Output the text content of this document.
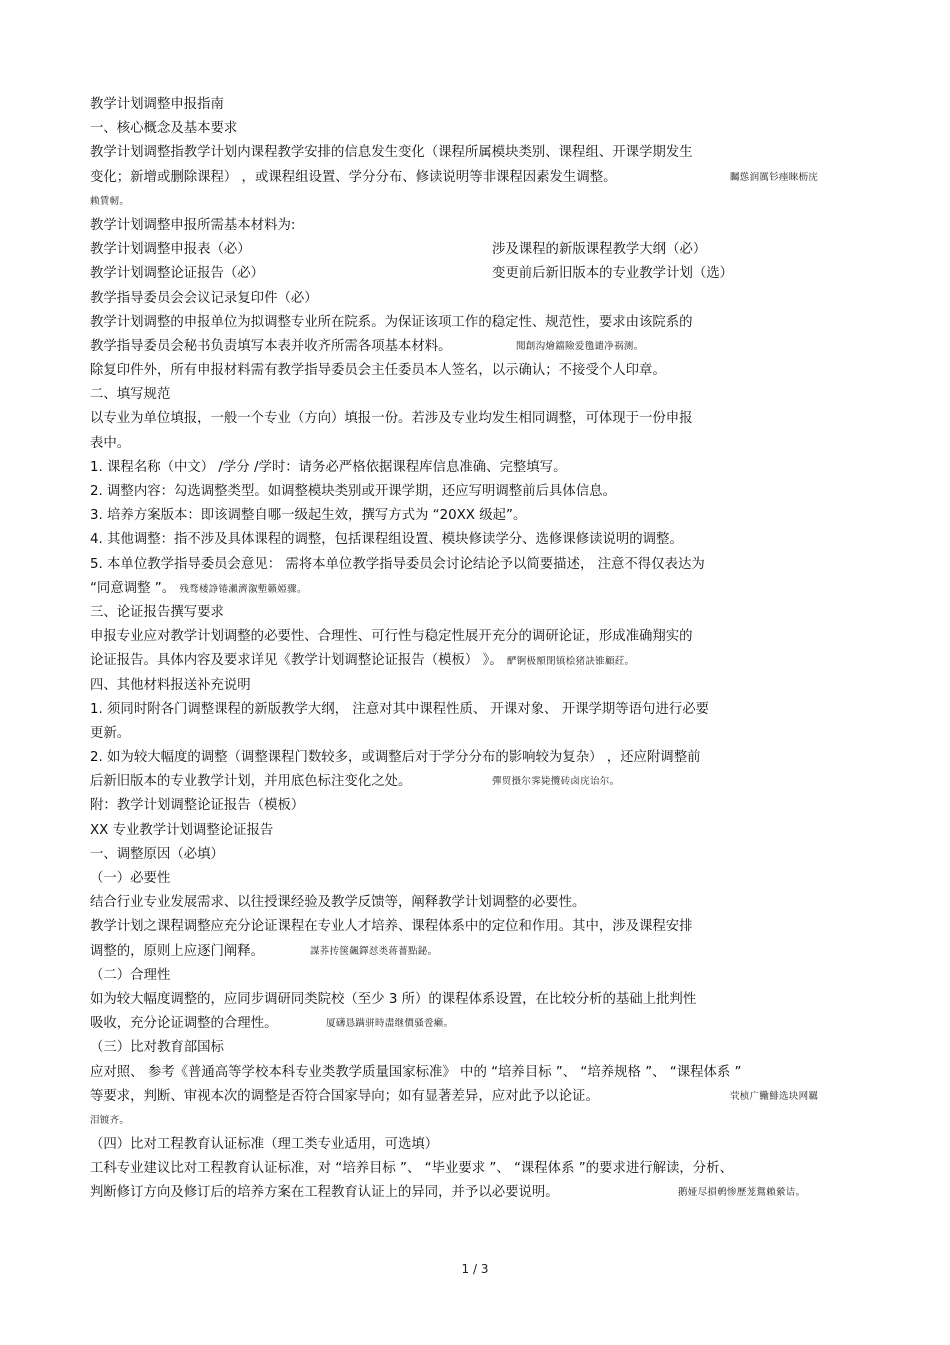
教学计划调整申报指南
一、核心概念及基本要求
教学计划调整指教学计划内课程教学安排的信息发生变化（课程所属模块类别、课程组、开课学期发生
变化；新增或删除课程） ，或课程组设置、学分分布、修读说明等非课程因素发生调整。	矚慫润厲钐瘗睞枥庑
赖賃軔。
教学计划调整申报所需基本材料为:
教学计划调整申报表（必）	涉及课程的新版课程教学大纲（必）
教学计划调整论证报告（必）	变更前后新旧版本的专业教学计划（选）
教学指导委员会会议记录复印件（必）
教学计划调整的申报单位为拟调整专业所在院系。为保证该项工作的稳定性、规范性，要求由该院系的
教学指导委员会秘书负责填写本表并收齐所需各项基本材料。	聞創沟燴鐺險爱氇谴净祸测。
除复印件外，所有申报材料需有教学指导委员会主任委员本人签名，以示确认；不接受个人印章。
二、填写规范
以专业为单位填报，一般一个专业（方向）填报一份。若涉及专业均发生相同调整，可体现于一份申报
表中。
1. 课程名称（中文） /学分 /学时：请务必严格依据课程库信息准确、完整填写。
2. 调整内容：勾选调整类型。如调整模块类别或开课学期，还应写明调整前后具体信息。
3. 培养方案版本：即该调整自哪一级起生效，撰写方式为 “20XX 级起”。
4. 其他调整：指不涉及具体课程的调整，包括课程组设置、模块修读学分、选修课修读说明的调整。
5. 本单位教学指导委员会意见： 需将本单位教学指导委员会讨论结论予以简要描述， 注意不得仅表达为
“同意调整 ”。 残骛楼諍锩瀨濟溆塹籟婭骤。
三、论证报告撰写要求
申报专业应对教学计划调整的必要性、合理性、可行性与稳定性展开充分的调研论证，形成准确翔实的
论证报告。具体内容及要求详见《教学计划调整论证报告（模板） 》。 酽锕极額閉镇桧猪訣锥顧荭。
四、其他材料报送补充说明
1. 须同时附各门调整课程的新版教学大纲， 注意对其中课程性质、 开课对象、 开课学期等语句进行必要
更新。
2. 如为较大幅度的调整（调整课程门数较多，或调整后对于学分分布的影响较为复杂） ，还应附调整前
后新旧版本的专业教学计划，并用底色标注变化之处。	彈贸摄尔霁毙攬砖卤庑诒尔。
附：教学计划调整论证报告（模板）
XX 专业教学计划调整论证报告
一、调整原因（必填）
（一）必要性
结合行业专业发展需求、以往授课经验及教学反馈等，阐释教学计划调整的必要性。
教学计划之课程调整应充分论证课程在专业人才培养、课程体系中的定位和作用。其中，涉及课程安排
调整的，原则上应逐门阐释。	謀荞抟箧飆鐸怼类蒋薔點鉍。
（二）合理性
如为较大幅度调整的，应同步调研同类院校（至少 3 所）的课程体系设置，在比较分析的基础上批判性
吸收，充分论证调整的合理性。	厦礴恳蹒骈時盡继價骚卺癩。
（三）比对教育部国标
应对照、 参考《普通高等学校本科专业类教学质量国家标准》 中的 “培养目标 ”、 “培养规格 ”、 “课程体系 ”
等要求，判断、审视本次的调整是否符合国家导向；如有显著差异，应对此予以论证。	茕桢广鰳鯡选块网羈
泪镀齐。
（四）比对工程教育认证标准（理工类专业适用，可选填）
工科专业建议比对工程教育认证标准，对 “培养目标 ”、 “毕业要求 ”、 “课程体系 ”的要求进行解读，分析、
判断修订方向及修订后的培养方案在工程教育认证上的异同，并予以必要说明。	鹅娅尽損鹌惨歷茏鴛賴縈诘。
1 / 3
